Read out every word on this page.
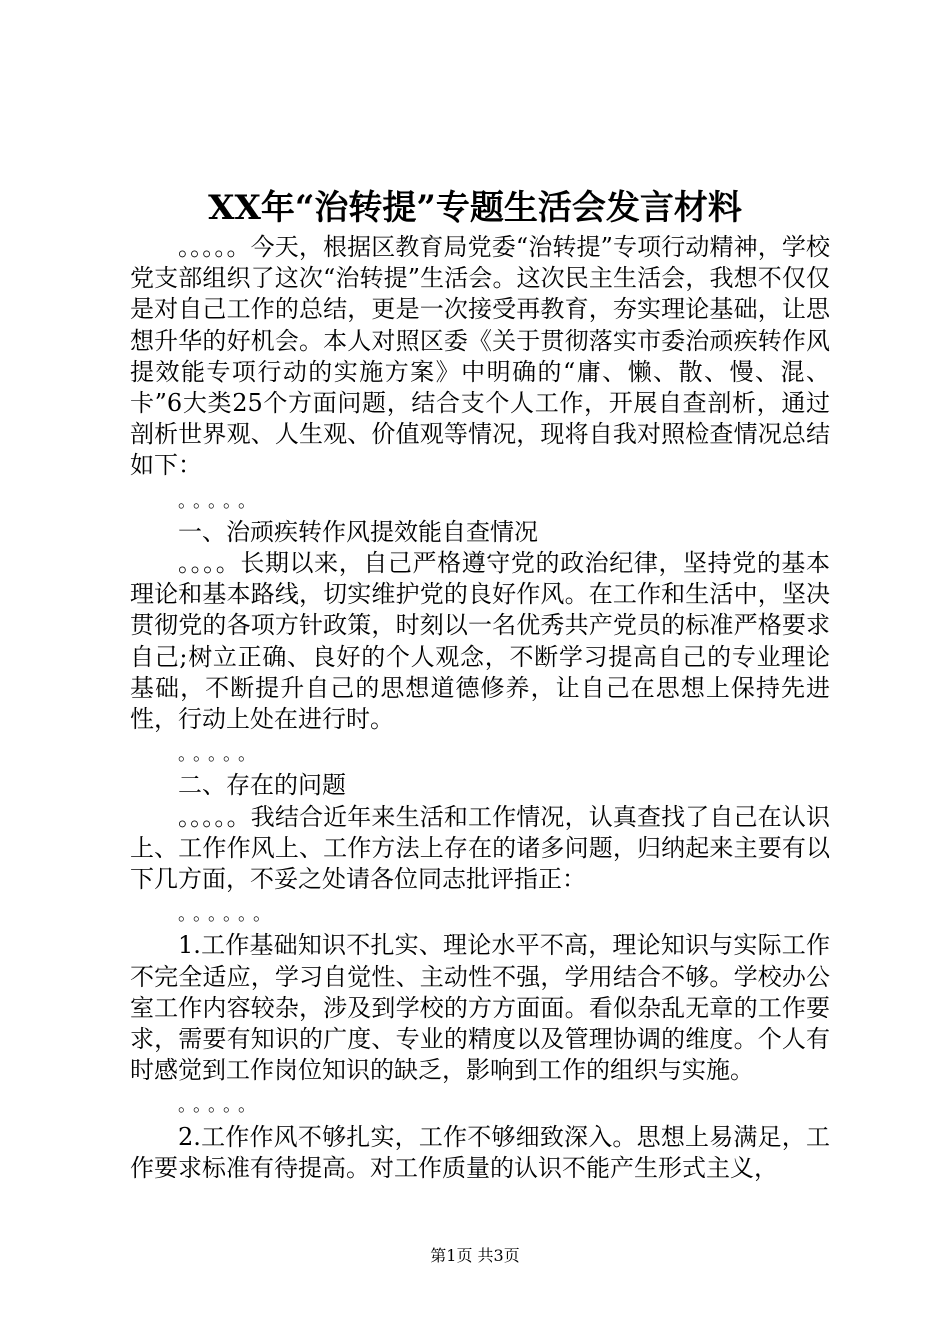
XX年“治转提”专题生活会发言材料

。。。。。今天，根据区教育局党委“治转提”专项行动精神，学校党支部组织了这次“治转提”生活会。这次民主生活会，我想不仅仅是对自己工作的总结，更是一次接受再教育，夯实理论基础，让思想升华的好机会。本人对照区委《关于贯彻落实市委治顽疾转作风提效能专项行动的实施方案》中明确的“庸、懒、散、慢、混、卡”6大类25个方面问题，结合支个人工作，开展自查剖析，通过剖析世界观、人生观、价值观等情况，现将自我对照检查情况总结如下：

。。。。。

一、治顽疾转作风提效能自查情况

。。。。长期以来，自己严格遵守党的政治纪律，坚持党的基本理论和基本路线，切实维护党的良好作风。在工作和生活中，坚决贯彻党的各项方针政策，时刻以一名优秀共产党员的标准严格要求自己;树立正确、良好的个人观念，不断学习提高自己的专业理论基础，不断提升自己的思想道德修养，让自己在思想上保持先进性，行动上处在进行时。

。。。。。

二、存在的问题

。。。。。我结合近年来生活和工作情况，认真查找了自己在认识上、工作作风上、工作方法上存在的诸多问题，归纳起来主要有以下几方面，不妥之处请各位同志批评指正：

。。。。。。

1.工作基础知识不扎实、理论水平不高，理论知识与实际工作不完全适应，学习自觉性、主动性不强，学用结合不够。学校办公室工作内容较杂，涉及到学校的方方面面。看似杂乱无章的工作要求，需要有知识的广度、专业的精度以及管理协调的维度。个人有时感觉到工作岗位知识的缺乏，影响到工作的组织与实施。

。。。。。

2.工作作风不够扎实，工作不够细致深入。思想上易满足，工作要求标准有待提高。对工作质量的认识不能产生形式主义，

第1页 共3页
